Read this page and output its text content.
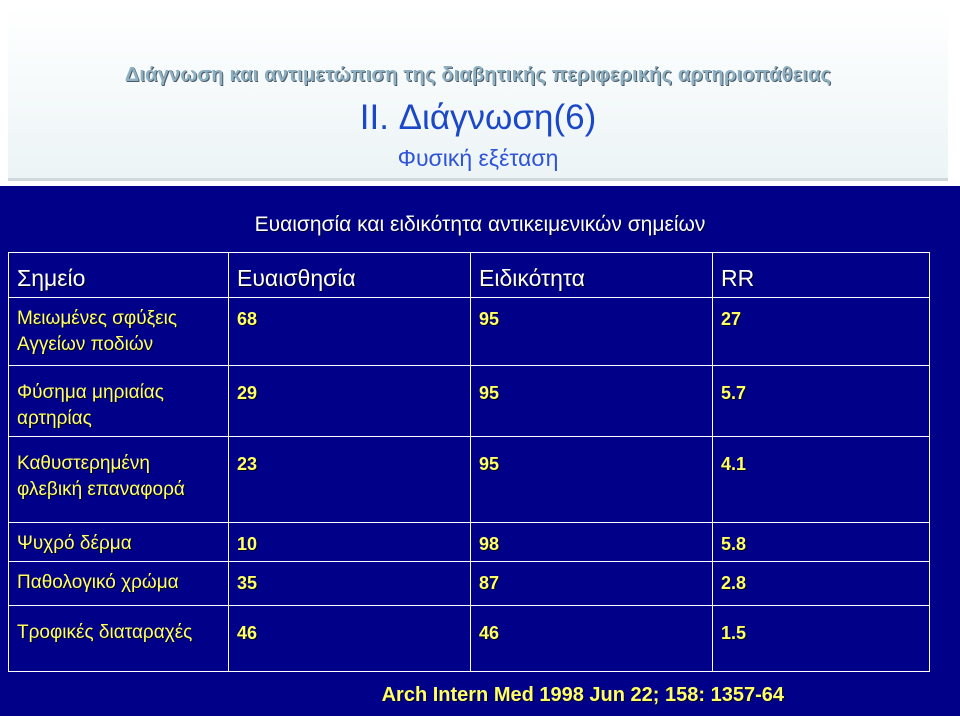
Διάγνωση και αντιμετώπιση της διαβητικής περιφερικής αρτηριοπάθειας
II. Διάγνωση(6)
Φυσική εξέταση
Ευαισησία και ειδικότητα αντικειμενικών σημείων
Σημείο	Ευαισθησία	Ειδικότητα	RR
Μειωμένες σφύξεις Αγγείων ποδιών	68	95	27
Φύσημα μηριαίας αρτηρίας	29	95	5.7
Καθυστερημένη φλεβική επαναφορά	23	95	4.1
Ψυχρό δέρμα	10	98	5.8
Παθολογικό χρώμα	35	87	2.8
Τροφικές διαταραχές	46	46	1.5
Arch Intern Med 1998 Jun 22; 158: 1357-64
